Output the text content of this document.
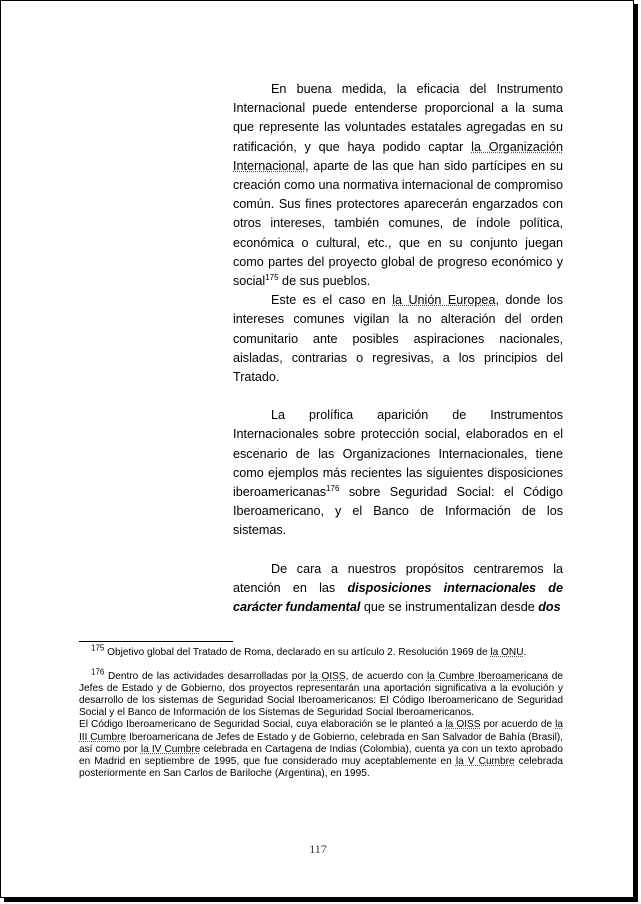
En buena medida, la eficacia del Instrumento Internacional puede entenderse proporcional a la suma que represente las voluntades estatales agregadas en su ratificación, y que haya podido captar la Organización Internacional, aparte de las que han sido partícipes en su creación como una normativa internacional de compromiso común. Sus fines protectores aparecerán engarzados con otros intereses, también comunes, de índole política, económica o cultural, etc., que en su conjunto juegan como partes del proyecto global de progreso económico y social$^{175}$ de sus pueblos.

Este es el caso en la Unión Europea, donde los intereses comunes vigilan la no alteración del orden comunitario ante posibles aspiraciones nacionales, aisladas, contrarias o regresivas, a los principios del Tratado.

La prolífica aparición de Instrumentos Internacionales sobre protección social, elaborados en el escenario de las Organizaciones Internacionales, tiene como ejemplos más recientes las siguientes disposiciones iberoamericanas$^{176}$ sobre Seguridad Social: el Código Iberoamericano, y el Banco de Información de los sistemas.

De cara a nuestros propósitos centraremos la atención en las disposiciones internacionales de carácter fundamental que se instrumentalizan desde dos

$^{175}$ Objetivo global del Tratado de Roma, declarado en su artículo 2. Resolución 1969 de la ONU.

$^{176}$ Dentro de las actividades desarrolladas por la OISS, de acuerdo con la Cumbre Iberoamericana de Jefes de Estado y de Gobierno, dos proyectos representarán una aportación significativa a la evolución y desarrollo de los sistemas de Seguridad Social Iberoamericanos: El Código Iberoamericano de Seguridad Social y el Banco de Información de los Sistemas de Seguridad Social Iberoamericanos.

El Código Iberoamericano de Seguridad Social, cuya elaboración se le planteó a la OISS por acuerdo de la III Cumbre Iberoamericana de Jefes de Estado y de Gobierno, celebrada en San Salvador de Bahía (Brasil), así como por la IV Cumbre celebrada en Cartagena de Indias (Colombia), cuenta ya con un texto aprobado en Madrid en septiembre de 1995, que fue considerado muy aceptablemente en la V Cumbre celebrada posteriormente en San Carlos de Bariloche (Argentina), en 1995.

117
